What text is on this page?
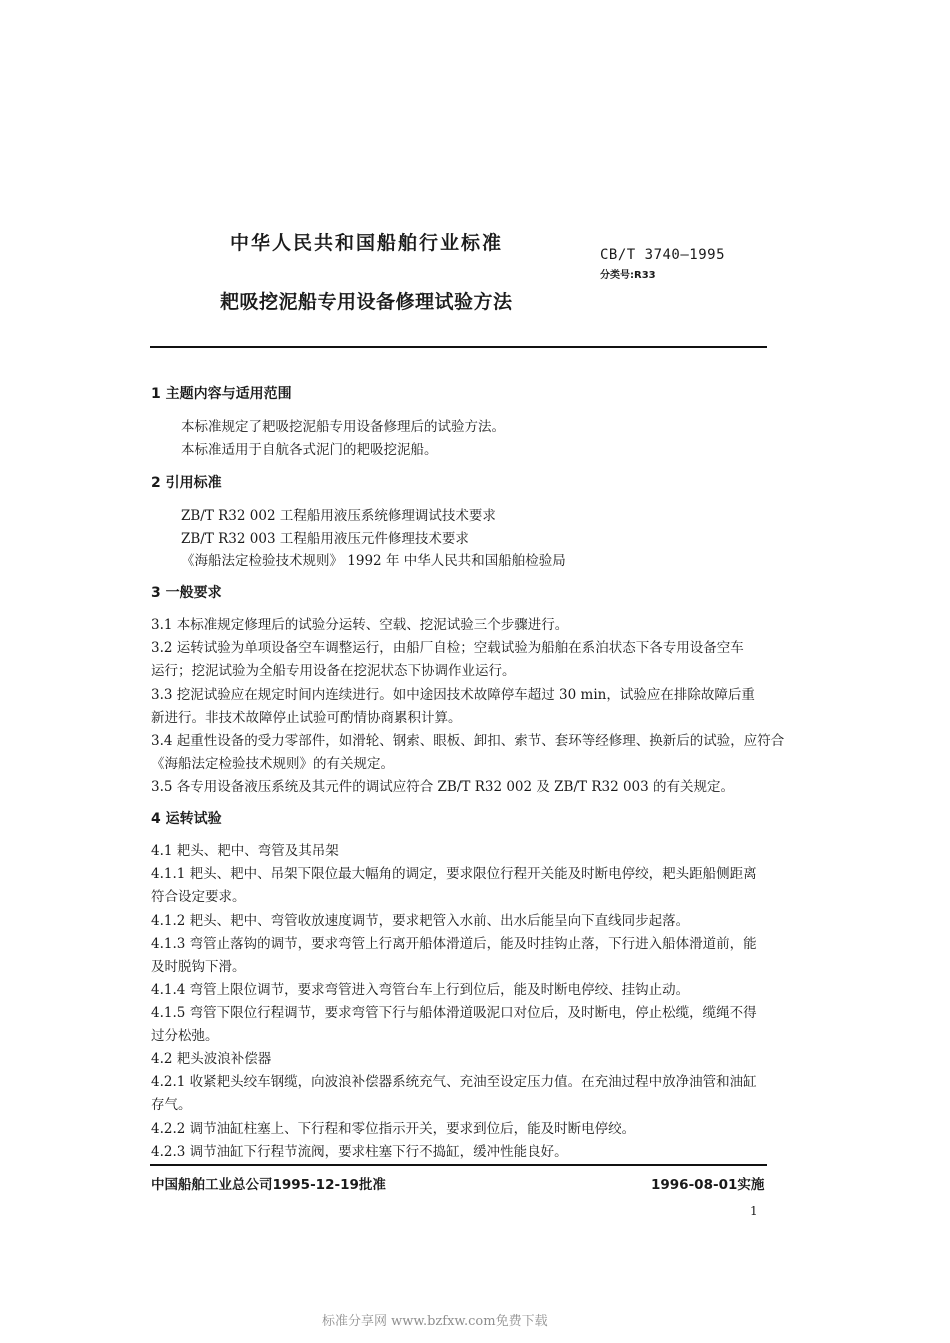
中华人民共和国船舶行业标准
CB/T 3740—1995
分类号:R33
耙吸挖泥船专用设备修理试验方法
1 主题内容与适用范围
本标准规定了耙吸挖泥船专用设备修理后的试验方法。
本标准适用于自航各式泥门的耙吸挖泥船。
2 引用标准
ZB/T R32 002 工程船用液压系统修理调试技术要求
ZB/T R32 003 工程船用液压元件修理技术要求
《海船法定检验技术规则》 1992 年 中华人民共和国船舶检验局
3 一般要求
3.1 本标准规定修理后的试验分运转、空载、挖泥试验三个步骤进行。
3.2 运转试验为单项设备空车调整运行，由船厂自检；空载试验为船舶在系泊状态下各专用设备空车
运行；挖泥试验为全船专用设备在挖泥状态下协调作业运行。
3.3 挖泥试验应在规定时间内连续进行。如中途因技术故障停车超过 30 min，试验应在排除故障后重
新进行。非技术故障停止试验可酌情协商累积计算。
3.4 起重性设备的受力零部件，如滑轮、钢索、眼板、卸扣、索节、套环等经修理、换新后的试验，应符合
《海船法定检验技术规则》的有关规定。
3.5 各专用设备液压系统及其元件的调试应符合 ZB/T R32 002 及 ZB/T R32 003 的有关规定。
4 运转试验
4.1 耙头、耙中、弯管及其吊架
4.1.1 耙头、耙中、吊架下限位最大幅角的调定，要求限位行程开关能及时断电停绞，耙头距船侧距离
符合设定要求。
4.1.2 耙头、耙中、弯管收放速度调节，要求耙管入水前、出水后能呈向下直线同步起落。
4.1.3 弯管止落钩的调节，要求弯管上行离开船体滑道后，能及时挂钩止落，下行进入船体滑道前，能
及时脱钩下滑。
4.1.4 弯管上限位调节，要求弯管进入弯管台车上行到位后，能及时断电停绞、挂钩止动。
4.1.5 弯管下限位行程调节，要求弯管下行与船体滑道吸泥口对位后，及时断电，停止松缆，缆绳不得
过分松弛。
4.2 耙头波浪补偿器
4.2.1 收紧耙头绞车钢缆，向波浪补偿器系统充气、充油至设定压力值。在充油过程中放净油管和油缸
存气。
4.2.2 调节油缸柱塞上、下行程和零位指示开关，要求到位后，能及时断电停绞。
4.2.3 调节油缸下行程节流阀，要求柱塞下行不捣缸，缓冲性能良好。
中国船舶工业总公司1995-12-19批准	1996-08-01实施
1
标准分享网 www.bzfxw.com免费下载
